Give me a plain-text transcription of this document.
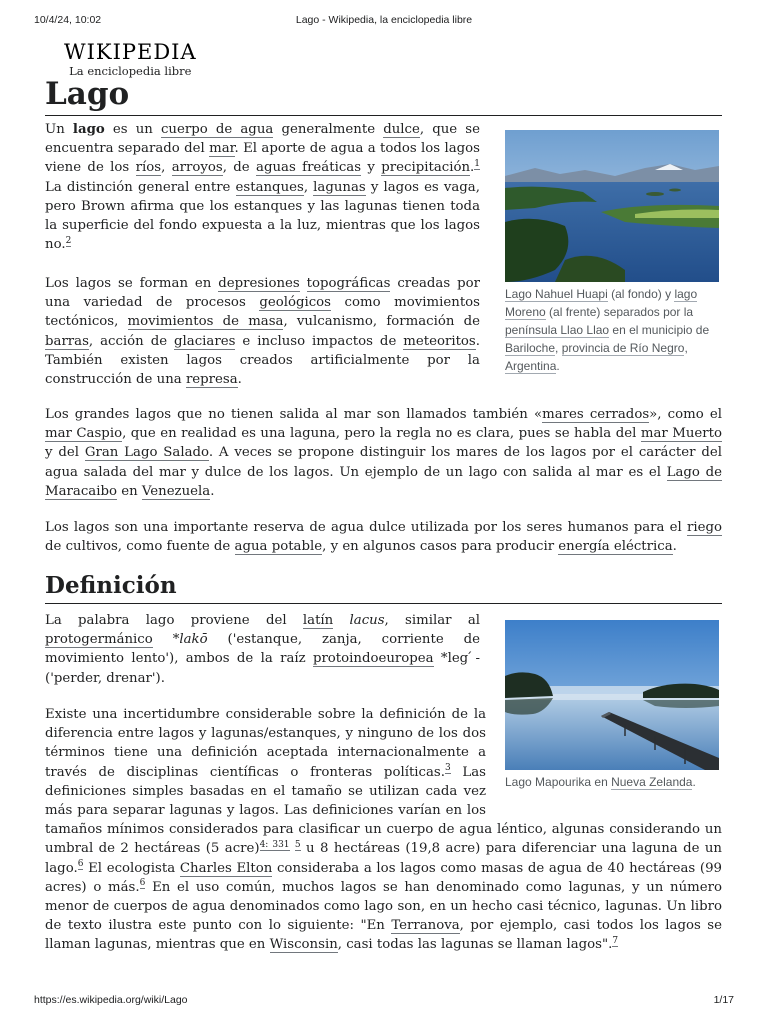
10/4/24, 10:02	Lago - Wikipedia, la enciclopedia libre
WIKIPEDIA
La enciclopedia libre
Lago

Un lago es un cuerpo de agua generalmente dulce, que se encuentra separado del mar. El aporte de agua a todos los lagos viene de los ríos, arroyos, de aguas freáticas y precipitación.$^1$ La distinción general entre estanques, lagunas y lagos es vaga, pero Brown afirma que los estanques y las lagunas tienen toda la superficie del fondo expuesta a la luz, mientras que los lagos no.$^2$

Los lagos se forman en depresiones topográficas creadas por una variedad de procesos geológicos como movimientos tectónicos, movimientos de masa, vulcanismo, formación de barras, acción de glaciares e incluso impactos de meteoritos. También existen lagos creados artificialmente por la construcción de una represa.

Lago Nahuel Huapi (al fondo) y lago Moreno (al frente) separados por la península Llao Llao en el municipio de Bariloche, provincia de Río Negro, Argentina.

Los grandes lagos que no tienen salida al mar son llamados también «mares cerrados», como el mar Caspio, que en realidad es una laguna, pero la regla no es clara, pues se habla del mar Muerto y del Gran Lago Salado. A veces se propone distinguir los mares de los lagos por el carácter del agua salada del mar y dulce de los lagos. Un ejemplo de un lago con salida al mar es el Lago de Maracaibo en Venezuela.

Los lagos son una importante reserva de agua dulce utilizada por los seres humanos para el riego de cultivos, como fuente de agua potable, y en algunos casos para producir energía eléctrica.

Definición
Lago Mapourika en Nueva Zelanda.

La palabra lago proviene del latín lacus, similar al protogermánico *lakō ('estanque, zanja, corriente de movimiento lento'), ambos de la raíz protoindoeuropea *leg ́- ('perder, drenar').

Existe una incertidumbre considerable sobre la definición de la diferencia entre lagos y lagunas/estanques, y ninguno de los dos términos tiene una definición aceptada internacionalmente a través de disciplinas científicas o fronteras políticas.$^3$ Las definiciones simples basadas en el tamaño se utilizan cada vez más para separar lagunas y lagos. Las definiciones varían en los tamaños mínimos considerados para clasificar un cuerpo de agua léntico, algunas considerando un umbral de 2 hectáreas (5 acre)$^{4: 331}$ $^5$ u 8 hectáreas (19,8 acre) para diferenciar una laguna de un lago.$^6$ El ecologista Charles Elton consideraba a los lagos como masas de agua de 40 hectáreas (99 acres) o más.$^6$ En el uso común, muchos lagos se han denominado como lagunas, y un número menor de cuerpos de agua denominados como lago son, en un hecho casi técnico, lagunas. Un libro de texto ilustra este punto con lo siguiente: "En Terranova, por ejemplo, casi todos los lagos se llaman lagunas, mientras que en Wisconsin, casi todas las lagunas se llaman lagos".$^7$

https://es.wikipedia.org/wiki/Lago	1/17
